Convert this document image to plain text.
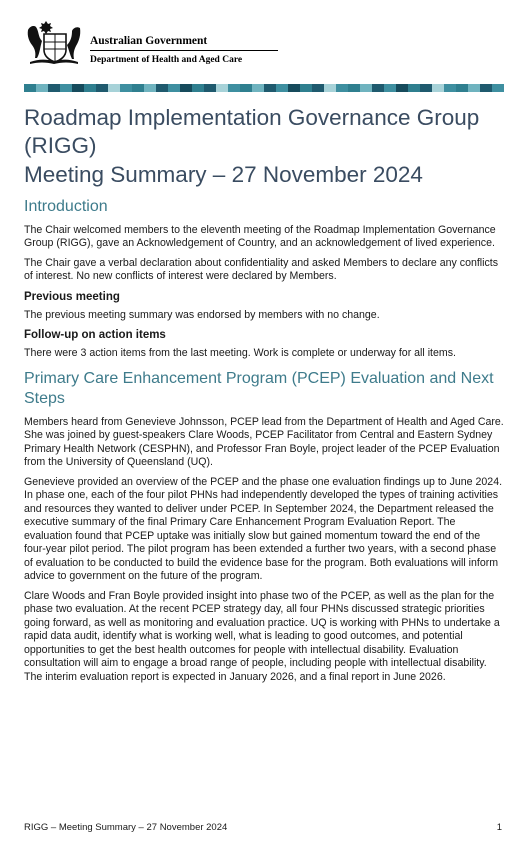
Australian Government
Department of Health and Aged Care
Roadmap Implementation Governance Group
(RIGG)
Meeting Summary – 27 November 2024
Introduction

The Chair welcomed members to the eleventh meeting of the Roadmap Implementation Governance Group (RIGG), gave an Acknowledgement of Country, and an acknowledgement of lived experience.

The Chair gave a verbal declaration about confidentiality and asked Members to declare any conflicts of interest. No new conflicts of interest were declared by Members.

Previous meeting

The previous meeting summary was endorsed by members with no change.

Follow-up on action items

There were 3 action items from the last meeting. Work is complete or underway for all items.

Primary Care Enhancement Program (PCEP) Evaluation and Next Steps

Members heard from Genevieve Johnsson, PCEP lead from the Department of Health and Aged Care. She was joined by guest-speakers Clare Woods, PCEP Facilitator from Central and Eastern Sydney Primary Health Network (CESPHN), and Professor Fran Boyle, project leader of the PCEP Evaluation from the University of Queensland (UQ).

Genevieve provided an overview of the PCEP and the phase one evaluation findings up to June 2024. In phase one, each of the four pilot PHNs had independently developed the types of training activities and resources they wanted to deliver under PCEP. In September 2024, the Department released the executive summary of the final Primary Care Enhancement Program Evaluation Report. The evaluation found that PCEP uptake was initially slow but gained momentum toward the end of the four-year pilot period. The pilot program has been extended a further two years, with a second phase of evaluation to be conducted to build the evidence base for the program. Both evaluations will inform advice to government on the future of the program.

Clare Woods and Fran Boyle provided insight into phase two of the PCEP, as well as the plan for the phase two evaluation. At the recent PCEP strategy day, all four PHNs discussed strategic priorities going forward, as well as monitoring and evaluation practice. UQ is working with PHNs to undertake a rapid data audit, identify what is working well, what is leading to good outcomes, and potential opportunities to get the best health outcomes for people with intellectual disability. Evaluation consultation will aim to engage a broad range of people, including people with intellectual disability. The interim evaluation report is expected in January 2026, and a final report in June 2026.

RIGG – Meeting Summary – 27 November 2024	1
